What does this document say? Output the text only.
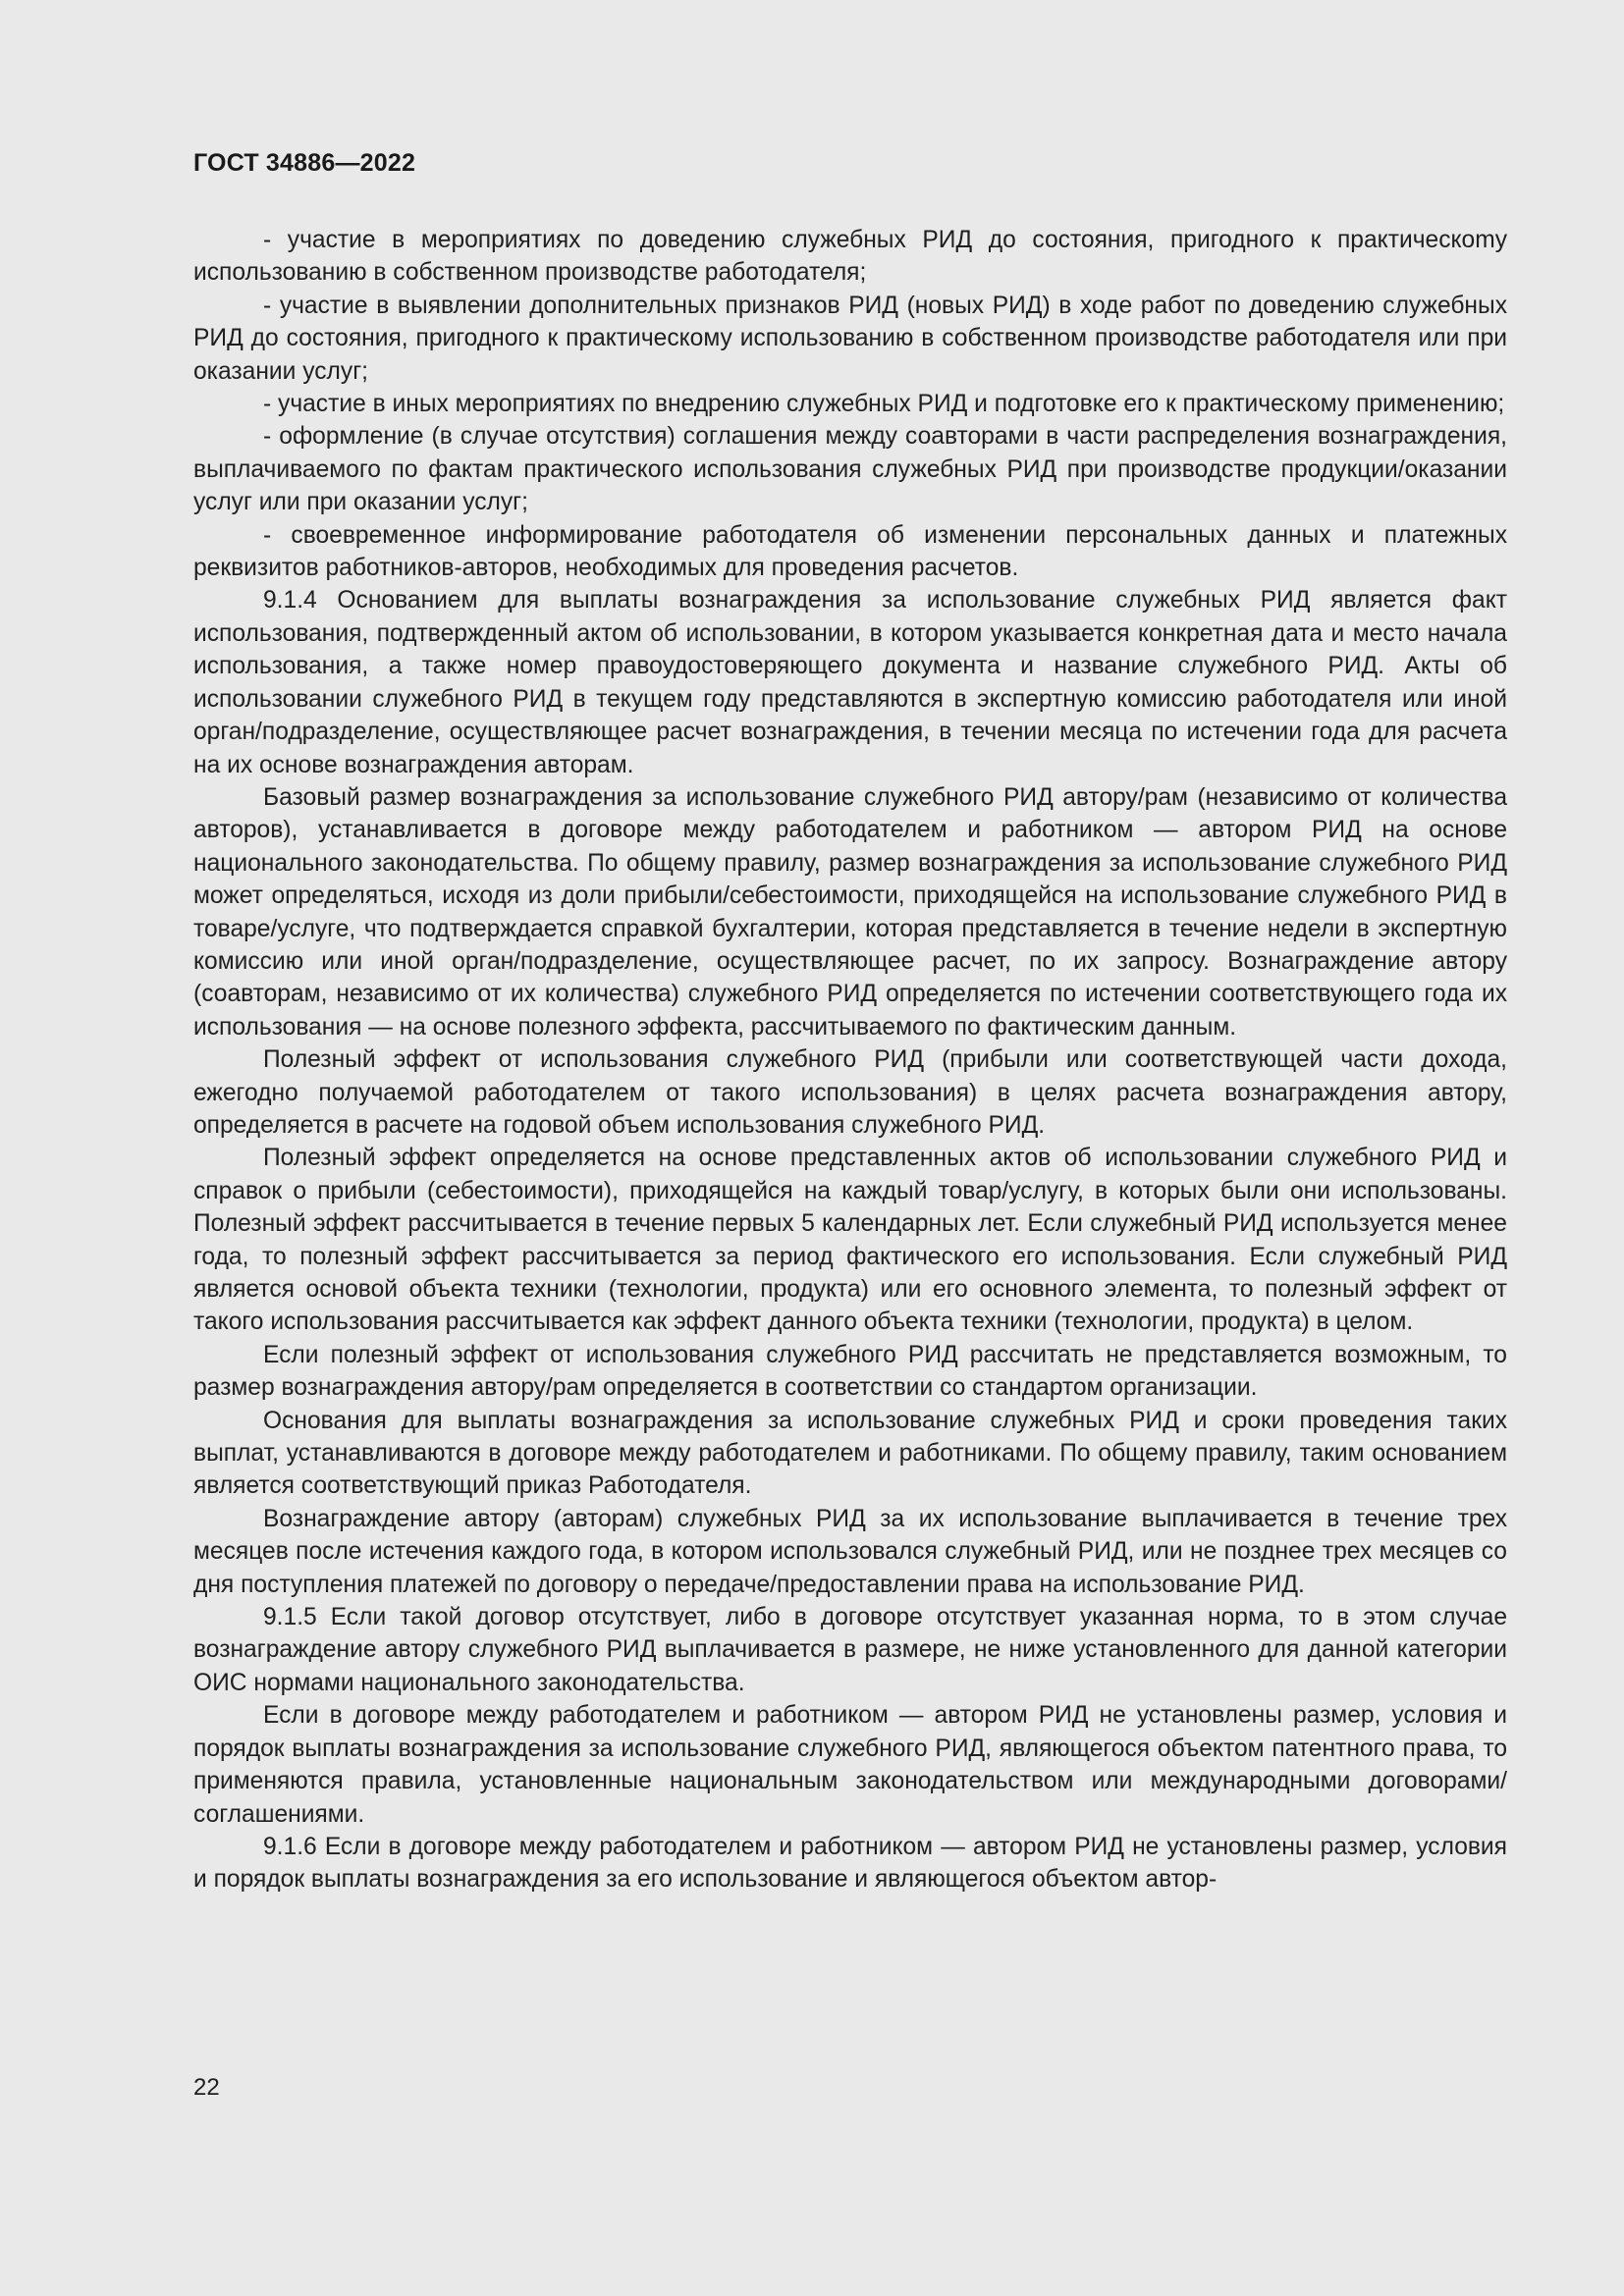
ГОСТ 34886—2022

- участие в мероприятиях по доведению служебных РИД до состояния, пригодного к практическоmу использованию в собственном производстве работодателя;

- участие в выявлении дополнительных признаков РИД (новых РИД) в ходе работ по доведению служебных РИД до состояния, пригодного к практическому использованию в собственном производстве работодателя или при оказании услуг;

- участие в иных мероприятиях по внедрению служебных РИД и подготовке его к практическому применению;

- оформление (в случае отсутствия) соглашения между соавторами в части распределения вознаграждения, выплачиваемого по фактам практического использования служебных РИД при производстве продукции/оказании услуг или при оказании услуг;

- своевременное информирование работодателя об изменении персональных данных и платежных реквизитов работников-авторов, необходимых для проведения расчетов.

9.1.4 Основанием для выплаты вознаграждения за использование служебных РИД является факт использования, подтвержденный актом об использовании, в котором указывается конкретная дата и место начала использования, а также номер правоудостоверяющего документа и название служебного РИД. Акты об использовании служебного РИД в текущем году представляются в экспертную комиссию работодателя или иной орган/подразделение, осуществляющее расчет вознаграждения, в течении месяца по истечении года для расчета на их основе вознаграждения авторам.

Базовый размер вознаграждения за использование служебного РИД автору/рам (независимо от количества авторов), устанавливается в договоре между работодателем и работником — автором РИД на основе национального законодательства. По общему правилу, размер вознаграждения за использование служебного РИД может определяться, исходя из доли прибыли/себестоимости, приходящейся на использование служебного РИД в товаре/услуге, что подтверждается справкой бухгалтерии, которая представляется в течение недели в экспертную комиссию или иной орган/подразделение, осуществляющее расчет, по их запросу. Вознаграждение автору (соавторам, независимо от их количества) служебного РИД определяется по истечении соответствующего года их использования — на основе полезного эффекта, рассчитываемого по фактическим данным.

Полезный эффект от использования служебного РИД (прибыли или соответствующей части дохода, ежегодно получаемой работодателем от такого использования) в целях расчета вознаграждения автору, определяется в расчете на годовой объем использования служебного РИД.

Полезный эффект определяется на основе представленных актов об использовании служебного РИД и справок о прибыли (себестоимости), приходящейся на каждый товар/услугу, в которых были они использованы. Полезный эффект рассчитывается в течение первых 5 календарных лет. Если служебный РИД используется менее года, то полезный эффект рассчитывается за период фактического его использования. Если служебный РИД является основой объекта техники (технологии, продукта) или его основного элемента, то полезный эффект от такого использования рассчитывается как эффект данного объекта техники (технологии, продукта) в целом.

Если полезный эффект от использования служебного РИД рассчитать не представляется возможным, то размер вознаграждения автору/рам определяется в соответствии со стандартом организации.

Основания для выплаты вознаграждения за использование служебных РИД и сроки проведения таких выплат, устанавливаются в договоре между работодателем и работниками. По общему правилу, таким основанием является соответствующий приказ Работодателя.

Вознаграждение автору (авторам) служебных РИД за их использование выплачивается в течение трех месяцев после истечения каждого года, в котором использовался служебный РИД, или не позднее трех месяцев со дня поступления платежей по договору о передаче/предоставлении права на использование РИД.

9.1.5 Если такой договор отсутствует, либо в договоре отсутствует указанная норма, то в этом случае вознаграждение автору служебного РИД выплачивается в размере, не ниже установленного для данной категории ОИС нормами национального законодательства.

Если в договоре между работодателем и работником — автором РИД не установлены размер, условия и порядок выплаты вознаграждения за использование служебного РИД, являющегося объектом патентного права, то применяются правила, установленные национальным законодательством или международными договорами/соглашениями.

9.1.6 Если в договоре между работодателем и работником — автором РИД не установлены размер, условия и порядок выплаты вознаграждения за его использование и являющегося объектом автор-

22
